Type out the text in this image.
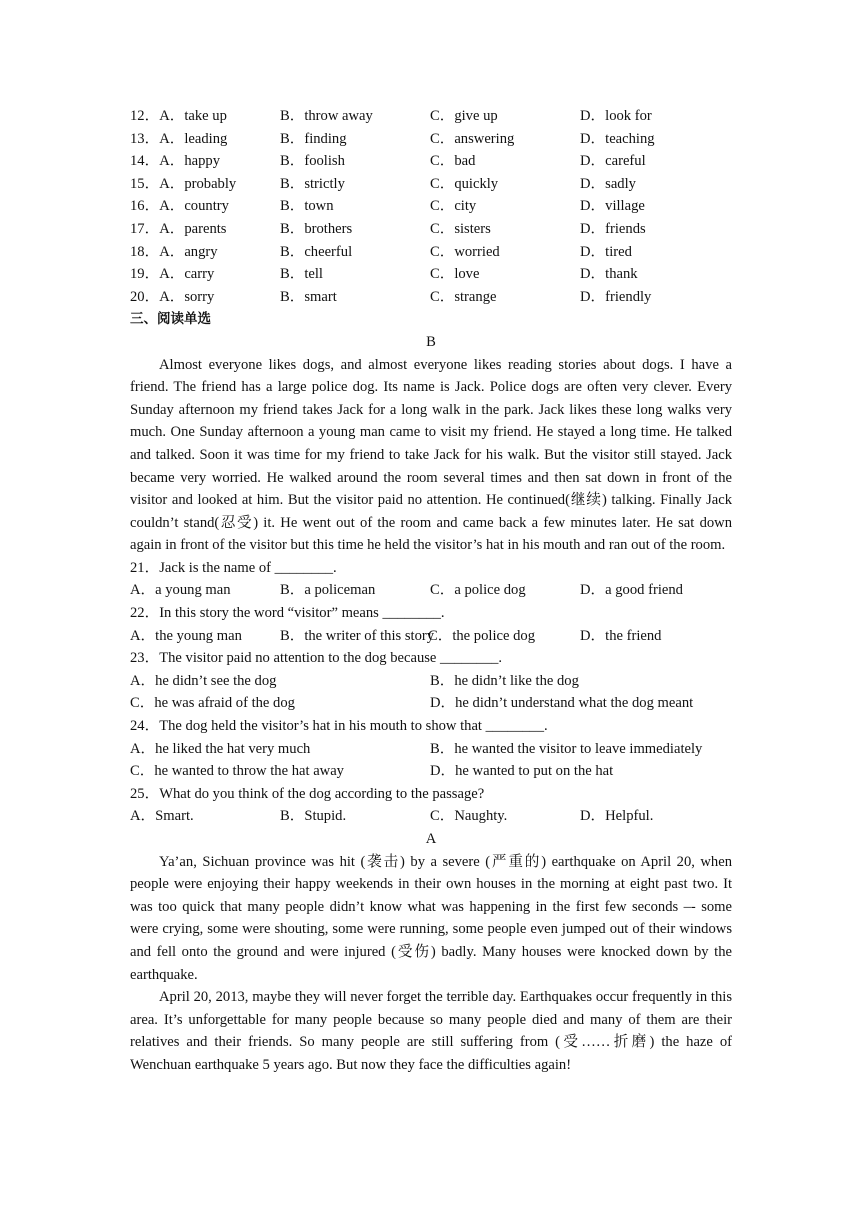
12．A．take up	B．throw away	C．give up	D．look for
13．A．leading	B．finding	C．answering	D．teaching
14．A．happy	B．foolish	C．bad	D．careful
15．A．probably	B．strictly	C．quickly	D．sadly
16．A．country	B．town	C．city	D．village
17．A．parents	B．brothers	C．sisters	D．friends
18．A．angry	B．cheerful	C．worried	D．tired
19．A．carry	B．tell	C．love	D．thank
20．A．sorry	B．smart	C．strange	D．friendly
三、阅读单选
B

Almost everyone likes dogs, and almost everyone likes reading stories about dogs. I have a friend. The friend has a large police dog. Its name is Jack. Police dogs are often very clever. Every Sunday afternoon my friend takes Jack for a long walk in the park. Jack likes these long walks very much. One Sunday afternoon a young man came to visit my friend. He stayed a long time. He talked and talked. Soon it was time for my friend to take Jack for his walk. But the visitor still stayed. Jack became very worried. He walked around the room several times and then sat down in front of the visitor and looked at him. But the visitor paid no attention. He continued(继续) talking. Finally Jack couldn’t stand(忍受) it. He went out of the room and came back a few minutes later. He sat down again in front of the visitor but this time he held the visitor’s hat in his mouth and ran out of the room.

21．Jack is the name of ________.
A．a young man	B．a policeman	C．a police dog	D．a good friend
22．In this story the word “visitor” means ________.
A．the young man	B．the writer of this story
C．the police dog	D．the friend
23．The visitor paid no attention to the dog because ________.
A．he didn’t see the dog	B．he didn’t like the dog
C．he was afraid of the dog	D．he didn’t understand what the dog meant
24．The dog held the visitor’s hat in his mouth to show that ________.
A．he liked the hat very much	B．he wanted the visitor to leave immediately
C．he wanted to throw the hat away	D．he wanted to put on the hat
25．What do you think of the dog according to the passage?
A．Smart.	B．Stupid.	C．Naughty.	D．Helpful.
A

Ya’an, Sichuan province was hit (袭击) by a severe (严重的) earthquake on April 20, when people were enjoying their happy weekends in their own houses in the morning at eight past two. It was too quick that many people didn’t know what was happening in the first few seconds –- some were crying, some were shouting, some were running, some people even jumped out of their windows and fell onto the ground and were injured (受伤) badly. Many houses were knocked down by the earthquake.

April 20, 2013, maybe they will never forget the terrible day. Earthquakes occur frequently in this area. It’s unforgettable for many people because so many people died and many of them are their relatives and their friends. So many people are still suffering from (受……折磨) the haze of Wenchuan earthquake 5 years ago. But now they face the difficulties again!
